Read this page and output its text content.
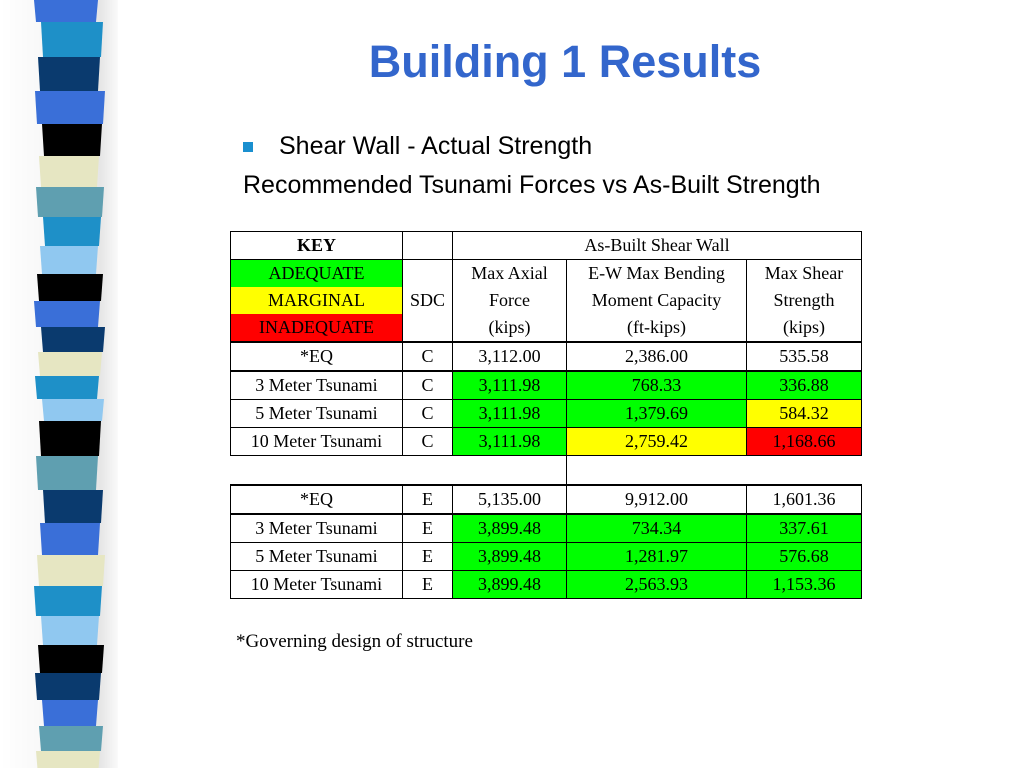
Building 1 Results
Shear Wall - Actual Strength
Recommended Tsunami Forces vs As-Built Strength
KEY		As-Built Shear Wall		
ADEQUATE	SDC	Max Axial	E-W Max Bending	Max Shear
MARGINAL		Force	Moment Capacity	Strength
INADEQUATE		(kips)	(ft-kips)	(kips)
*EQ	C	3,112.00	2,386.00	535.58
3 Meter Tsunami	C	3,111.98	768.33	336.88
5 Meter Tsunami	C	3,111.98	1,379.69	584.32
10 Meter Tsunami	C	3,111.98	2,759.42	1,168.66

*EQ	E	5,135.00	9,912.00	1,601.36
3 Meter Tsunami	E	3,899.48	734.34	337.61
5 Meter Tsunami	E	3,899.48	1,281.97	576.68
10 Meter Tsunami	E	3,899.48	2,563.93	1,153.36
*Governing design of structure
